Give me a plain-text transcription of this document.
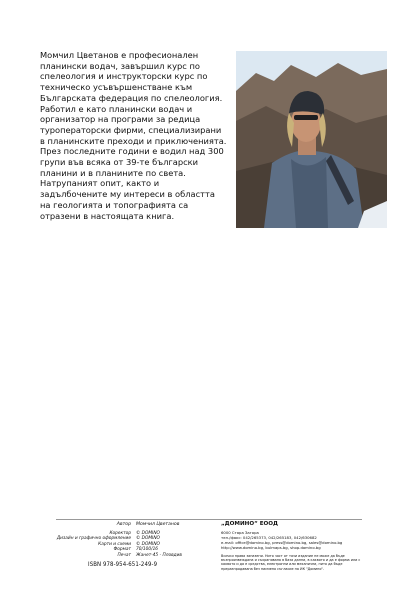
Момчил Цветанов е професионален планински водач, завършил курс по спелеология и инструкторски курс по техническо усъвършенстване към Българската федерация по спелеология. Работил е като планински водач и организатор на програми за редица туроператорски фирми, специализирани в планинските преходи и приключенията. През последните години е водил над 300 групи във всяка от 39-те български планини и в планините по света. Натрупаният опит, както и задълбочените му интереси в областта на геологията и топографията са отразени в настоящата книга.

Автор	Момчил Цветанов
Коректор	© DOMINO
Дизайн и графично оформление	© DOMINO
Карти и схеми	© DOMINO
Формат	70/100/16
Печат	Жанет-45 - Пловдив
ISBN 978-954-651-249-9
„ДОМИНО“ ЕООД
6000 Стара Загора
тел./факс: 042/265373, 042/265183, 042/630682
e-mail: office@domino.bg, press@domino.bg, sales@domino.bg
http://www.domino.bg, bulmaps.bg, shop.domino.bg
Всички права запазени. Нито част от тази издание не може да бъде възпроизвеждана и съхранявана в база данни, в каквото и да е форма или с каквото и да е средства, електронни или механични, нито да бъде преразпродавана без писмено съгласие на ИК "Домино".
